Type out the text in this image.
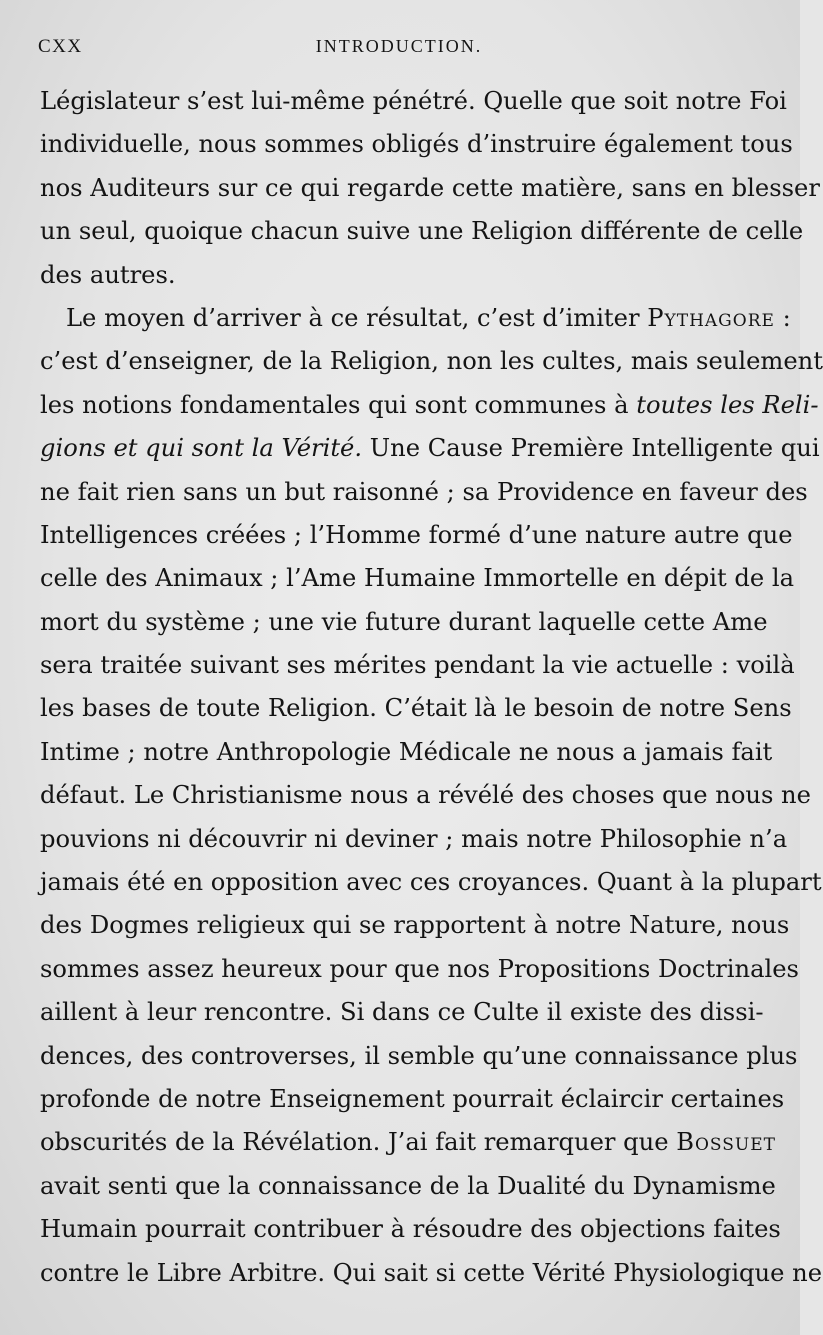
CXX	INTRODUCTION.
Législateur s’est lui-même pénétré. Quelle que soit notre Foi
individuelle, nous sommes obligés d’instruire également tous
nos Auditeurs sur ce qui regarde cette matière, sans en blesser
un seul, quoique chacun suive une Religion différente de celle
des autres.
Le moyen d’arriver à ce résultat, c’est d’imiter Pythagore :
c’est d’enseigner, de la Religion, non les cultes, mais seulement
les notions fondamentales qui sont communes à toutes les Reli-
gions et qui sont la Vérité. Une Cause Première Intelligente qui
ne fait rien sans un but raisonné ; sa Providence en faveur des
Intelligences créées ; l’Homme formé d’une nature autre que
celle des Animaux ; l’Ame Humaine Immortelle en dépit de la
mort du système ; une vie future durant laquelle cette Ame
sera traitée suivant ses mérites pendant la vie actuelle : voilà
les bases de toute Religion. C’était là le besoin de notre Sens
Intime ; notre Anthropologie Médicale ne nous a jamais fait
défaut. Le Christianisme nous a révélé des choses que nous ne
pouvions ni découvrir ni deviner ; mais notre Philosophie n’a
jamais été en opposition avec ces croyances. Quant à la plupart
des Dogmes religieux qui se rapportent à notre Nature, nous
sommes assez heureux pour que nos Propositions Doctrinales
aillent à leur rencontre. Si dans ce Culte il existe des dissi-
dences, des controverses, il semble qu’une connaissance plus
profonde de notre Enseignement pourrait éclaircir certaines
obscurités de la Révélation. J’ai fait remarquer que Bossuet
avait senti que la connaissance de la Dualité du Dynamisme
Humain pourrait contribuer à résoudre des objections faites
contre le Libre Arbitre. Qui sait si cette Vérité Physiologique ne
